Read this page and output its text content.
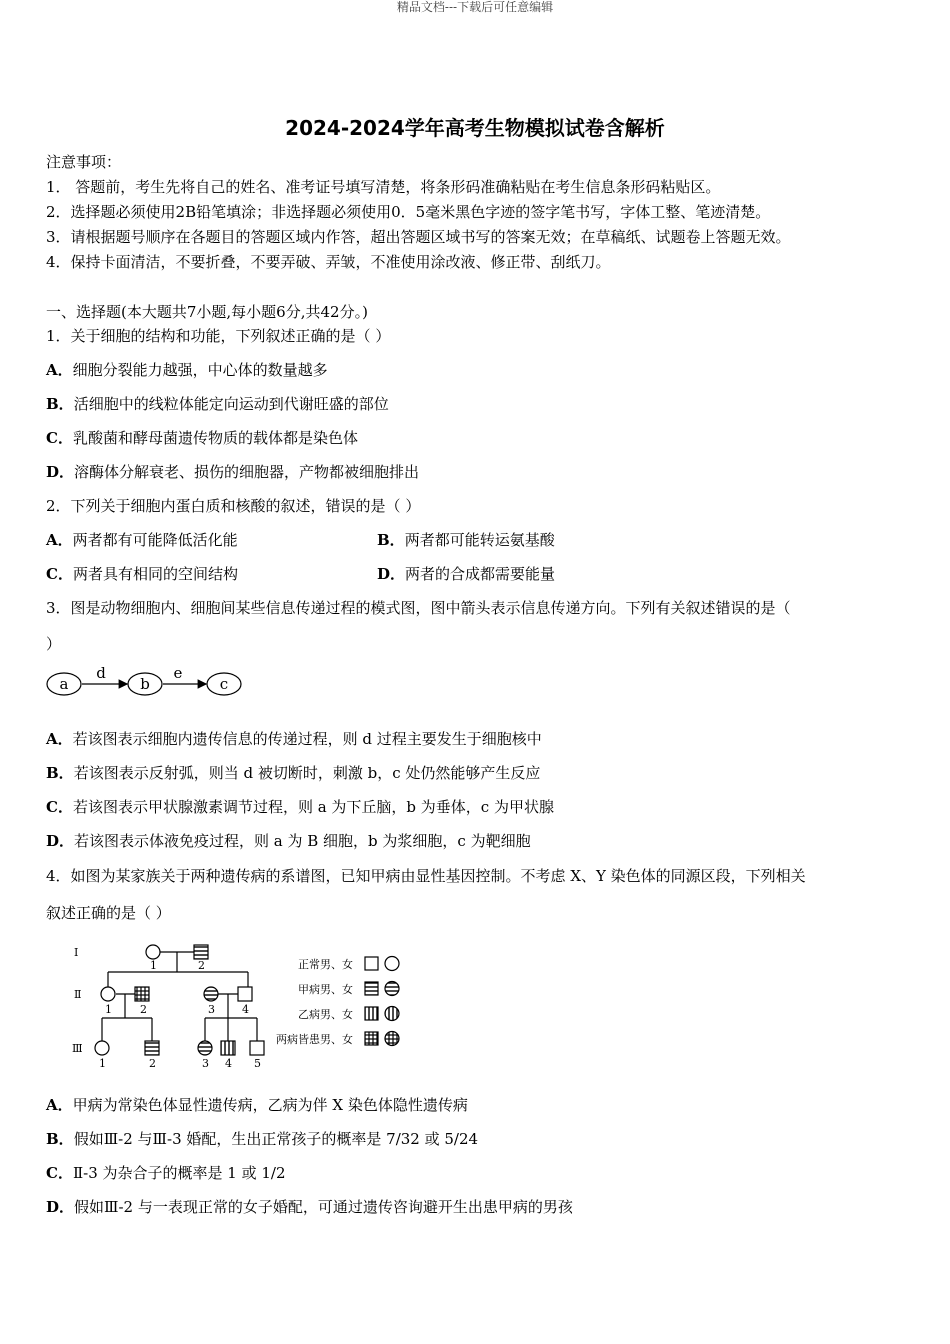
精品文档---下载后可任意编辑
2024-2024学年高考生物模拟试卷含解析
注意事项：
1． 答题前，考生先将自己的姓名、准考证号填写清楚，将条形码准确粘贴在考生信息条形码粘贴区。
2．选择题必须使用2B铅笔填涂；非选择题必须使用0．5毫米黑色字迹的签字笔书写，字体工整、笔迹清楚。
3．请根据题号顺序在各题目的答题区域内作答，超出答题区域书写的答案无效；在草稿纸、试题卷上答题无效。
4．保持卡面清洁，不要折叠，不要弄破、弄皱，不准使用涂改液、修正带、刮纸刀。
一、选择题(本大题共7小题,每小题6分,共42分。)
1．关于细胞的结构和功能，下列叙述正确的是（ ）
A．细胞分裂能力越强，中心体的数量越多
B．活细胞中的线粒体能定向运动到代谢旺盛的部位
C．乳酸菌和酵母菌遗传物质的载体都是染色体
D．溶酶体分解衰老、损伤的细胞器，产物都被细胞排出
2．下列关于细胞内蛋白质和核酸的叙述，错误的是（ ）
A．两者都有可能降低活化能	B．两者都可能转运氨基酸
C．两者具有相同的空间结构	D．两者的合成都需要能量
3．图是动物细胞内、细胞间某些信息传递过程的模式图，图中箭头表示信息传递方向。下列有关叙述错误的是（
）
a
d
b
e
c
A．若该图表示细胞内遗传信息的传递过程，则 d 过程主要发生于细胞核中
B．若该图表示反射弧，则当 d 被切断时，刺激 b，c 处仍然能够产生反应
C．若该图表示甲状腺激素调节过程，则 a 为下丘脑，b 为垂体，c 为甲状腺
D．若该图表示体液免疫过程，则 a 为 B 细胞，b 为浆细胞，c 为靶细胞
4．如图为某家族关于两种遗传病的系谱图，已知甲病由显性基因控制。不考虑 X、Y 染色体的同源区段，下列相关
叙述正确的是（ ）
Ⅰ
Ⅱ
Ⅲ
1	2
1	2	3 4
1	2	3 4 5
正常男、女
甲病男、女
乙病男、女
两病皆患男、女
A．甲病为常染色体显性遗传病，乙病为伴 X 染色体隐性遗传病
B．假如Ⅲ-2 与Ⅲ-3 婚配，生出正常孩子的概率是 7/32 或 5/24
C．Ⅱ-3 为杂合子的概率是 1 或 1/2
D．假如Ⅲ-2 与一表现正常的女子婚配，可通过遗传咨询避开生出患甲病的男孩
